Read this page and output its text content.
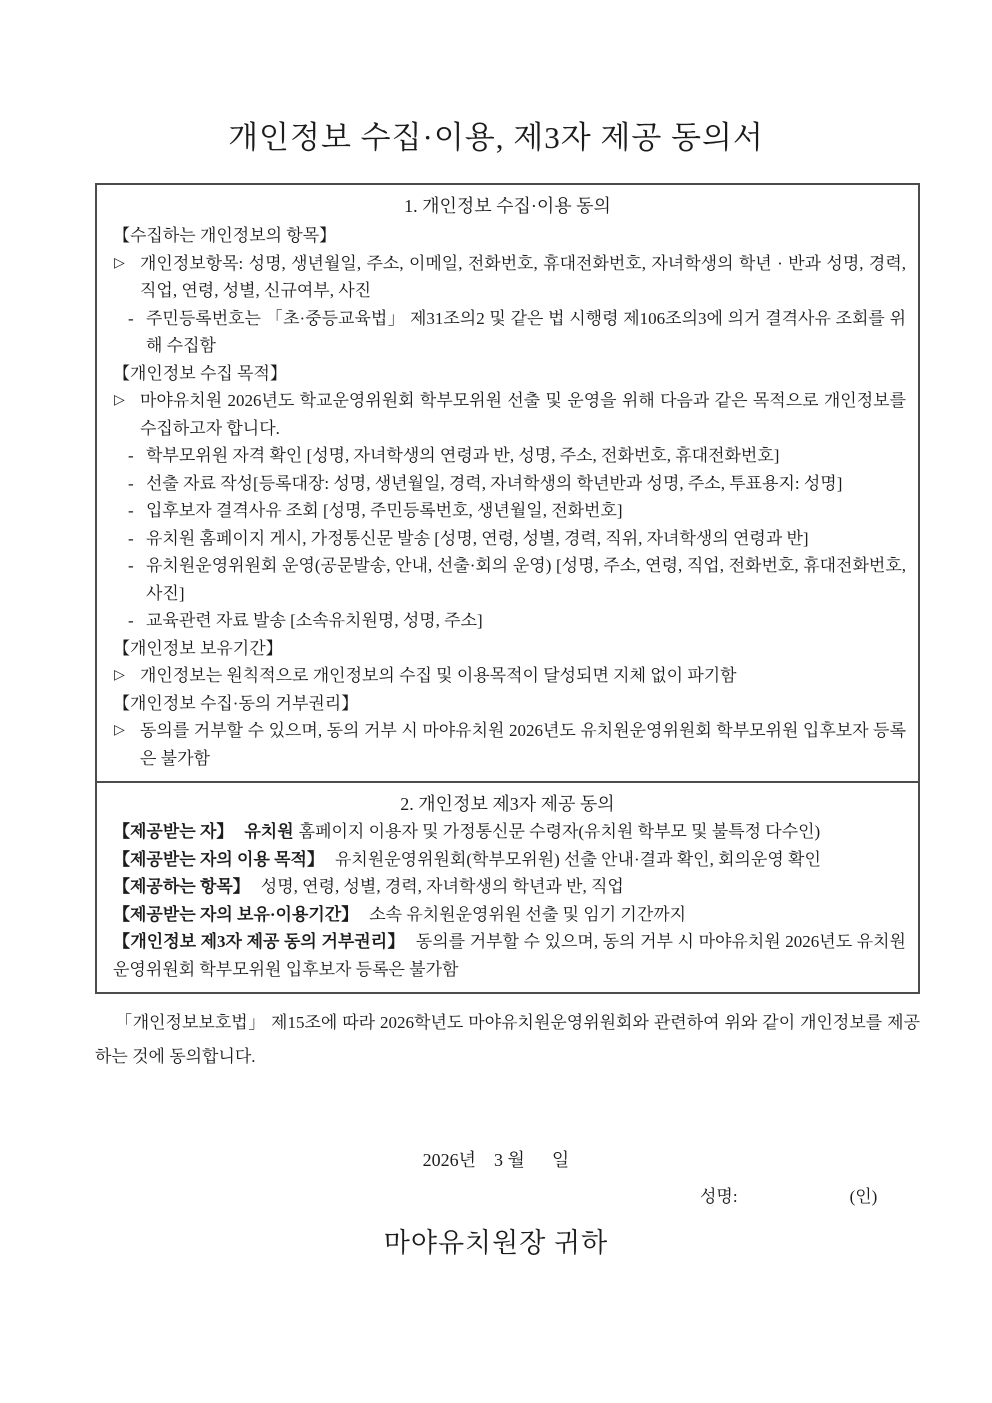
개인정보 수집·이용, 제3자 제공 동의서
1. 개인정보 수집·이용 동의
【수집하는 개인정보의 항목】
▷ 개인정보항목: 성명, 생년월일, 주소, 이메일, 전화번호, 휴대전화번호, 자녀학생의 학년 · 반과 성명, 경력, 직업, 연령, 성별, 신규여부, 사진
- 주민등록번호는 「초·중등교육법」 제31조의2 및 같은 법 시행령 제106조의3에 의거 결격사유 조회를 위해 수집함
【개인정보 수집 목적】
▷ 마야유치원 2026년도 학교운영위원회 학부모위원 선출 및 운영을 위해 다음과 같은 목적으로 개인정보를 수집하고자 합니다.
- 학부모위원 자격 확인 [성명, 자녀학생의 연령과 반, 성명, 주소, 전화번호, 휴대전화번호]
- 선출 자료 작성[등록대장: 성명, 생년월일, 경력, 자녀학생의 학년반과 성명, 주소, 투표용지: 성명]
- 입후보자 결격사유 조회 [성명, 주민등록번호, 생년월일, 전화번호]
- 유치원 홈페이지 게시, 가정통신문 발송 [성명, 연령, 성별, 경력, 직위, 자녀학생의 연령과 반]
- 유치원운영위원회 운영(공문발송, 안내, 선출·회의 운영) [성명, 주소, 연령, 직업, 전화번호, 휴대전화번호, 사진]
- 교육관련 자료 발송 [소속유치원명, 성명, 주소]
【개인정보 보유기간】
▷ 개인정보는 원칙적으로 개인정보의 수집 및 이용목적이 달성되면 지체 없이 파기함
【개인정보 수집·동의 거부권리】
▷ 동의를 거부할 수 있으며, 동의 거부 시 마야유치원 2026년도 유치원운영위원회 학부모위원 입후보자 등록은 불가함
2. 개인정보 제3자 제공 동의
【제공받는 자】 유치원 홈페이지 이용자 및 가정통신문 수령자(유치원 학부모 및 불특정 다수인)
【제공받는 자의 이용 목적】 유치원운영위원회(학부모위원) 선출 안내·결과 확인, 회의운영 확인
【제공하는 항목】 성명, 연령, 성별, 경력, 자녀학생의 학년과 반, 직업
【제공받는 자의 보유·이용기간】 소속 유치원운영위원 선출 및 임기 기간까지
【개인정보 제3자 제공 동의 거부권리】 동의를 거부할 수 있으며, 동의 거부 시 마야유치원 2026년도 유치원운영위원회 학부모위원 입후보자 등록은 불가함

「개인정보보호법」 제15조에 따라 2026학년도 마야유치원운영위원회와 관련하여 위와 같이 개인정보를 제공하는 것에 동의합니다.

2026년    3 월      일
성명:	(인)
마야유치원장 귀하
